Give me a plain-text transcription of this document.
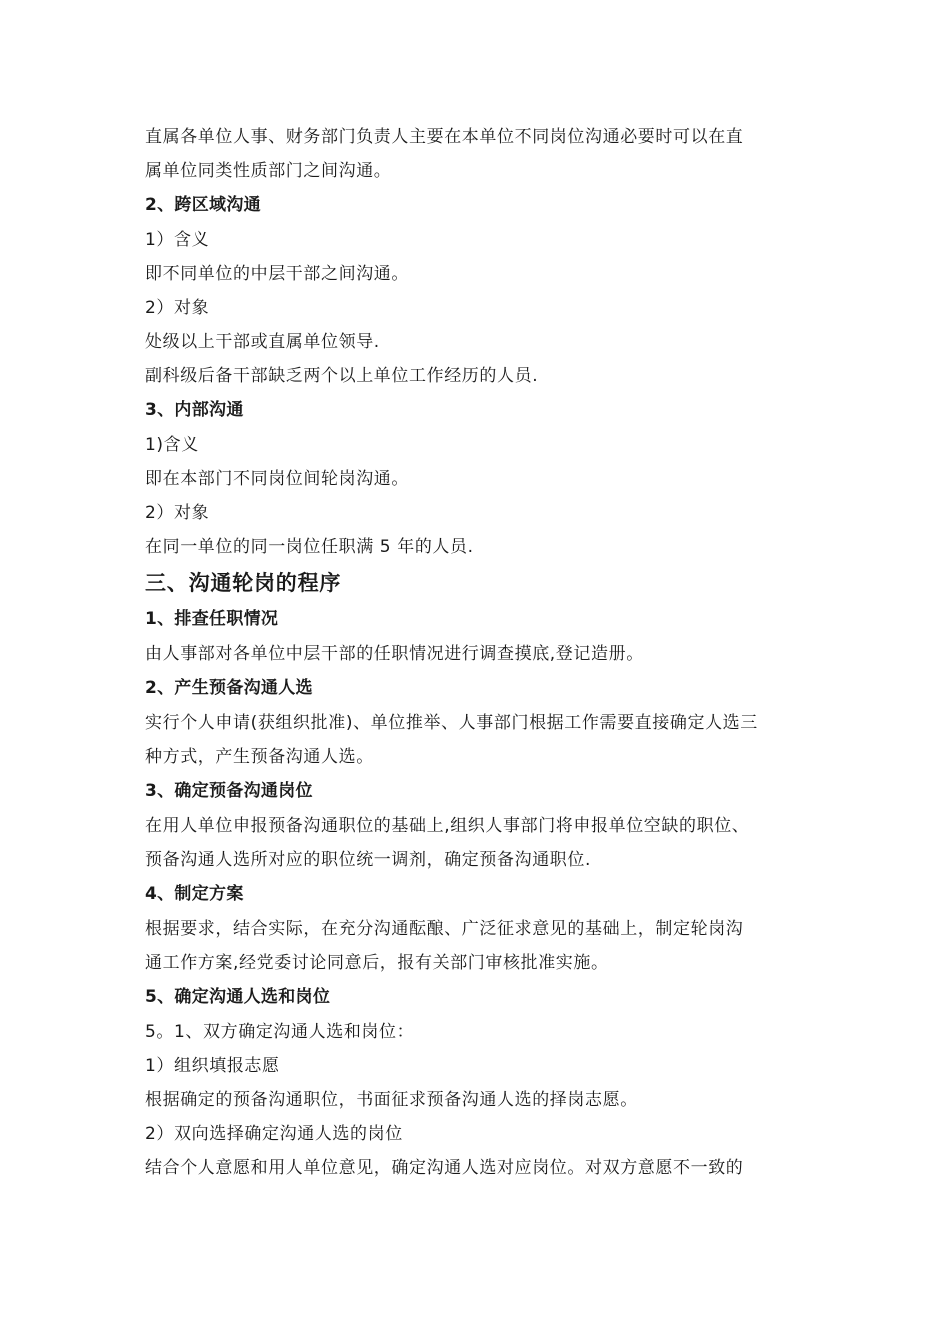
直属各单位人事、财务部门负责人主要在本单位不同岗位沟通必要时可以在直
属单位同类性质部门之间沟通。
2、跨区域沟通
1）含义
即不同单位的中层干部之间沟通。
2）对象
处级以上干部或直属单位领导.
副科级后备干部缺乏两个以上单位工作经历的人员.
3、内部沟通
1)含义
即在本部门不同岗位间轮岗沟通。
2）对象
在同一单位的同一岗位任职满 5 年的人员.
三、沟通轮岗的程序
1、排查任职情况
由人事部对各单位中层干部的任职情况进行调查摸底,登记造册。
2、产生预备沟通人选
实行个人申请(获组织批准)、单位推举、人事部门根据工作需要直接确定人选三
种方式，产生预备沟通人选。
3、确定预备沟通岗位
在用人单位申报预备沟通职位的基础上,组织人事部门将申报单位空缺的职位、
预备沟通人选所对应的职位统一调剂，确定预备沟通职位.
4、制定方案
根据要求，结合实际，在充分沟通酝酿、广泛征求意见的基础上，制定轮岗沟
通工作方案,经党委讨论同意后，报有关部门审核批准实施。
5、确定沟通人选和岗位
5。1、双方确定沟通人选和岗位：
1）组织填报志愿
根据确定的预备沟通职位，书面征求预备沟通人选的择岗志愿。
2）双向选择确定沟通人选的岗位
结合个人意愿和用人单位意见，确定沟通人选对应岗位。对双方意愿不一致的
